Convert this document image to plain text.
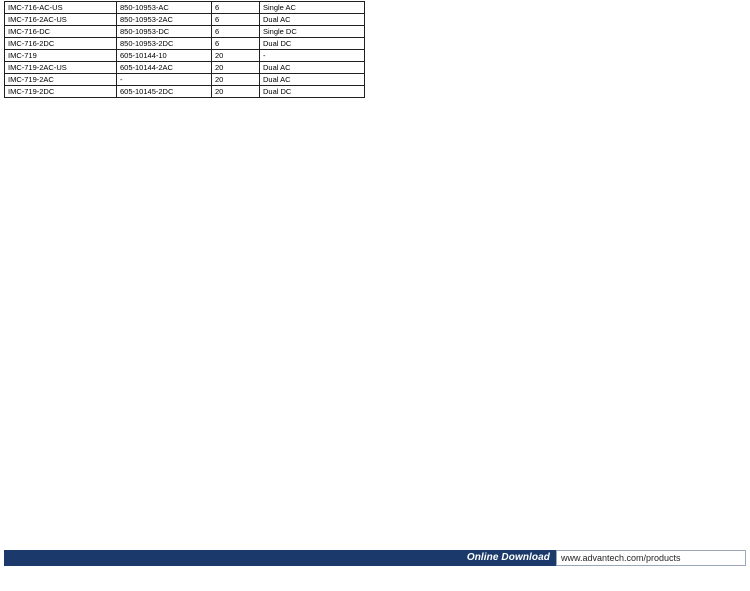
IMC-716-AC-US	850-10953-AC	6	Single AC
IMC-716-2AC-US	850-10953-2AC	6	Dual AC
IMC-716-DC	850-10953-DC	6	Single DC
IMC-716-2DC	850-10953-2DC	6	Dual DC
IMC-719	605-10144-10	20	-
IMC-719-2AC-US	605-10144-2AC	20	Dual AC
IMC-719-2AC	-	20	Dual AC
IMC-719-2DC	605-10145-2DC	20	Dual DC
Online Download	www.advantech.com/products
